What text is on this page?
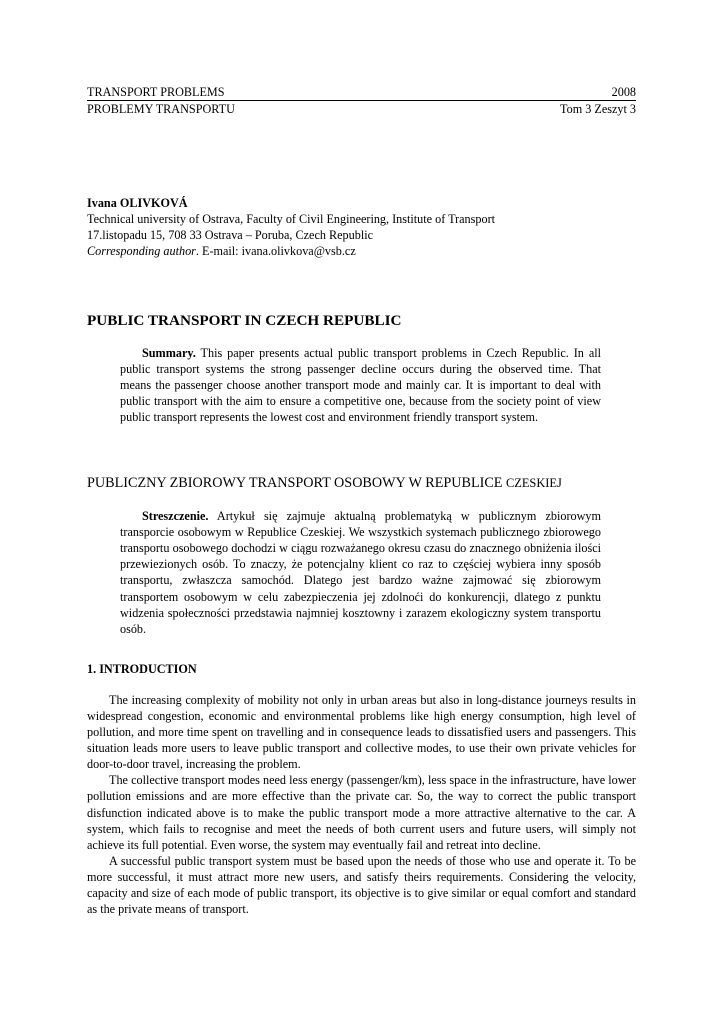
TRANSPORT PROBLEMS	2008
PROBLEMY TRANSPORTU	Tom 3 Zeszyt 3
Ivana OLIVKOVÁ
Technical university of Ostrava, Faculty of Civil Engineering, Institute of Transport
17.listopadu 15, 708 33 Ostrava – Poruba, Czech Republic
Corresponding author. E-mail: ivana.olivkova@vsb.cz
PUBLIC TRANSPORT IN CZECH REPUBLIC
Summary. This paper presents actual public transport problems in Czech Republic. In all public transport systems the strong passenger decline occurs during the observed time. That means the passenger choose another transport mode and mainly car. It is important to deal with public transport with the aim to ensure a competitive one, because from the society point of view public transport represents the lowest cost and environment friendly transport system.
PUBLICZNY ZBIOROWY TRANSPORT OSOBOWY W REPUBLICE CZESKIEJ
Streszczenie. Artykuł się zajmuje aktualną problematyką w publicznym zbiorowym transporcie osobowym w Republice Czeskiej. We wszystkich systemach publicznego zbiorowego transportu osobowego dochodzi w ciągu rozważanego okresu czasu do znacznego obniżenia ilości przewiezionych osób. To znaczy, że potencjalny klient co raz to częściej wybiera inny sposób transportu, zwłaszcza samochód. Dlatego jest bardzo ważne zajmować się zbiorowym transportem osobowym w celu zabezpieczenia jej zdolnoći do konkurencji, dlatego z punktu widzenia społeczności przedstawia najmniej kosztowny i zarazem ekologiczny system transportu osób.
1. INTRODUCTION

The increasing complexity of mobility not only in urban areas but also in long-distance journeys results in widespread congestion, economic and environmental problems like high energy consumption, high level of pollution, and more time spent on travelling and in consequence leads to dissatisfied users and passengers. This situation leads more users to leave public transport and collective modes, to use their own private vehicles for door-to-door travel, increasing the problem.

The collective transport modes need less energy (passenger/km), less space in the infrastructure, have lower pollution emissions and are more effective than the private car. So, the way to correct the public transport disfunction indicated above is to make the public transport mode a more attractive alternative to the car. A system, which fails to recognise and meet the needs of both current users and future users, will simply not achieve its full potential. Even worse, the system may eventually fail and retreat into decline.

A successful public transport system must be based upon the needs of those who use and operate it. To be more successful, it must attract more new users, and satisfy theirs requirements. Considering the velocity, capacity and size of each mode of public transport, its objective is to give similar or equal comfort and standard as the private means of transport.
